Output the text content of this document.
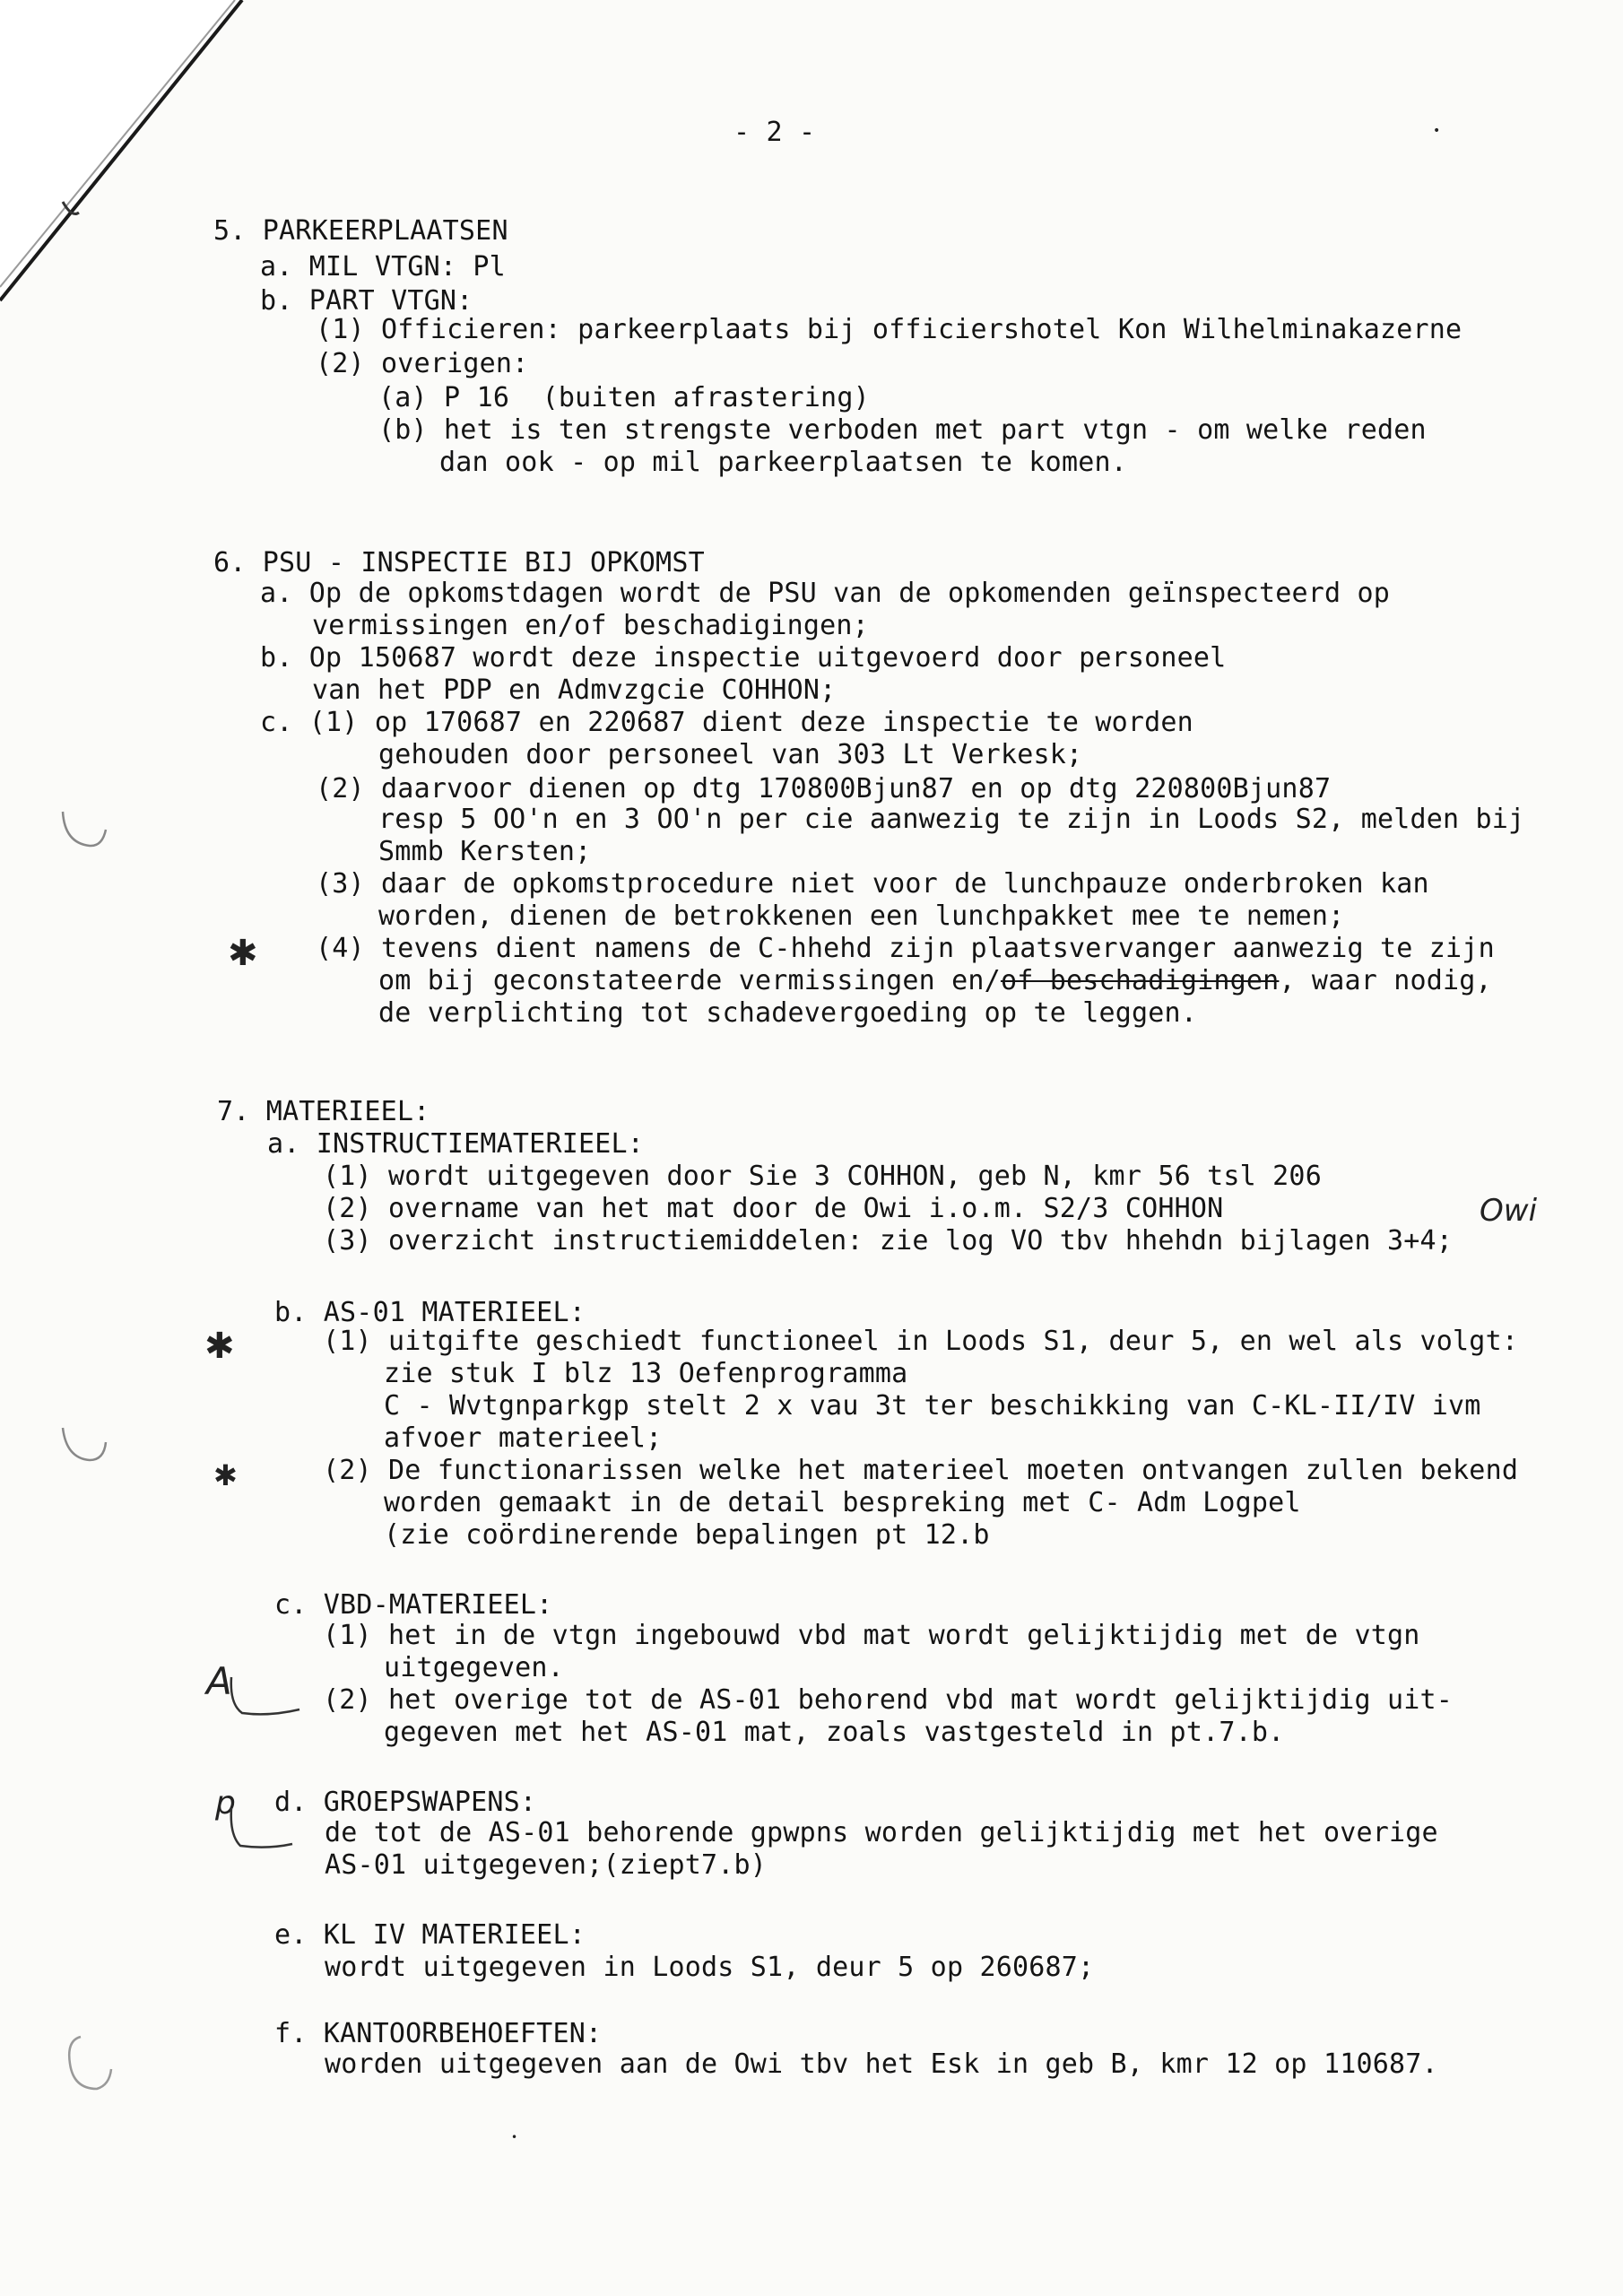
- 2 -	•
5. PARKEERPLAATSEN
a. MIL VTGN: Pl
b. PART VTGN:
(1) Officieren: parkeerplaats bij officiershotel Kon Wilhelminakazerne
(2) overigen:
(a) P 16  (buiten afrastering)
(b) het is ten strengste verboden met part vtgn - om welke reden
dan ook - op mil parkeerplaatsen te komen.
6. PSU - INSPECTIE BIJ OPKOMST
a. Op de opkomstdagen wordt de PSU van de opkomenden geïnspecteerd op
vermissingen en/of beschadigingen;
b. Op 150687 wordt deze inspectie uitgevoerd door personeel
van het PDP en Admvzgcie COHHON;
c. (1) op 170687 en 220687 dient deze inspectie te worden
gehouden door personeel van 303 Lt Verkesk;
(2) daarvoor dienen op dtg 170800Bjun87 en op dtg 220800Bjun87
resp 5 OO'n en 3 OO'n per cie aanwezig te zijn in Loods S2, melden bij
Smmb Kersten;
(3) daar de opkomstprocedure niet voor de lunchpauze onderbroken kan
worden, dienen de betrokkenen een lunchpakket mee te nemen;
✱ (4) tevens dient namens de C-hhehd zijn plaatsvervanger aanwezig te zijn
om bij geconstateerde vermissingen en/of beschadigingen, waar nodig,
de verplichting tot schadevergoeding op te leggen.
7. MATERIEEL:
a. INSTRUCTIEMATERIEEL:
(1) wordt uitgegeven door Sie 3 COHHON, geb N, kmr 56 tsl 206
(2) overname van het mat door de Owi i.o.m. S2/3 COHHON	Owi
(3) overzicht instructiemiddelen: zie log VO tbv hhehdn bijlagen 3+4;
b. AS-01 MATERIEEL:
✱	(1) uitgifte geschiedt functioneel in Loods S1, deur 5, en wel als volgt:
zie stuk I blz 13 Oefenprogramma
C - Wvtgnparkgp stelt 2 x vau 3t ter beschikking van C-KL-II/IV ivm
afvoer materieel;
✱	(2) De functionarissen welke het materieel moeten ontvangen zullen bekend
worden gemaakt in de detail bespreking met C- Adm Logpel
(zie coördinerende bepalingen pt 12.b
c. VBD-MATERIEEL:
(1) het in de vtgn ingebouwd vbd mat wordt gelijktijdig met de vtgn
uitgegeven.
A	(2) het overige tot de AS-01 behorend vbd mat wordt gelijktijdig uit-
gegeven met het AS-01 mat, zoals vastgesteld in pt.7.b.
p d. GROEPSWAPENS:
de tot de AS-01 behorende gpwpns worden gelijktijdig met het overige
AS-01 uitgegeven;(ziept7.b)
e. KL IV MATERIEEL:
wordt uitgegeven in Loods S1, deur 5 op 260687;
f. KANTOORBEHOEFTEN:
worden uitgegeven aan de Owi tbv het Esk in geb B, kmr 12 op 110687.
•
